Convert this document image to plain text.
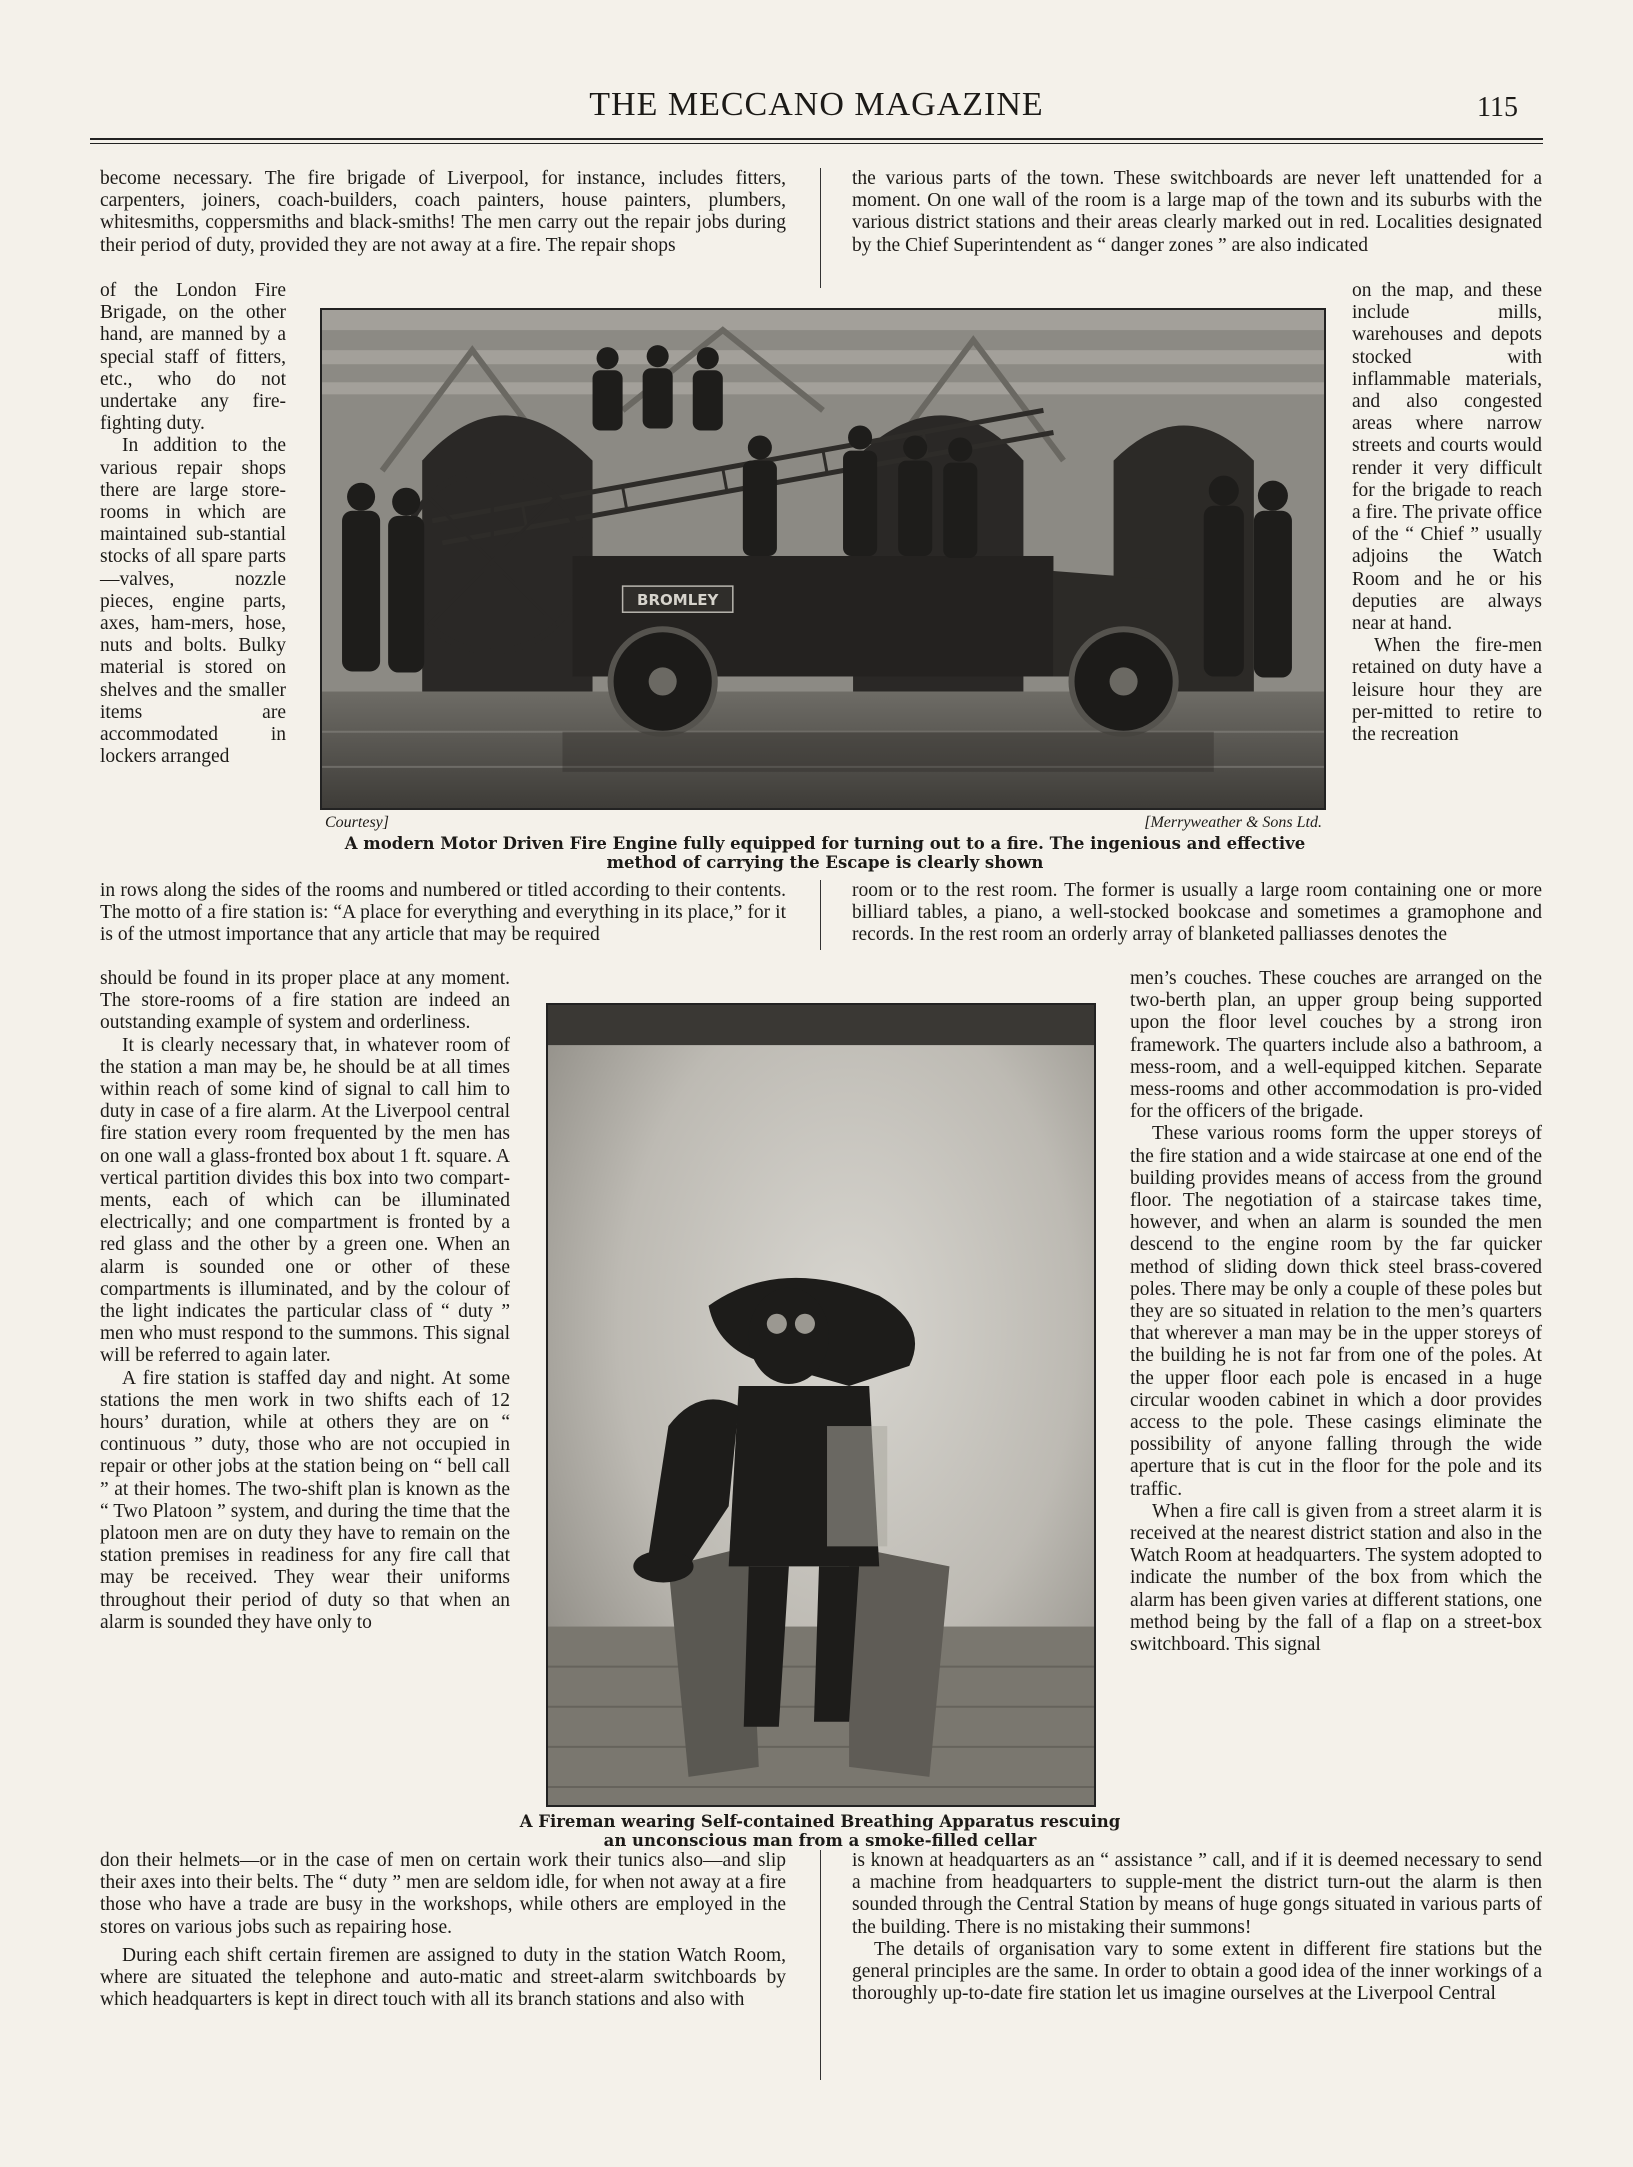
THE MECCANO MAGAZINE	115

become necessary. The fire brigade of Liverpool, for instance, includes fitters, carpenters, joiners, coach-builders, coach painters, house painters, plumbers, whitesmiths, coppersmiths and black-smiths! The men carry out the repair jobs during their period of duty, provided they are not away at a fire. The repair shops

the various parts of the town. These switchboards are never left unattended for a moment. On one wall of the room is a large map of the town and its suburbs with the various district stations and their areas clearly marked out in red. Localities designated by the Chief Superintendent as “ danger zones ” are also indicated

of the London Fire Brigade, on the other hand, are manned by a special staff of fitters, etc., who do not undertake any fire-fighting duty.

In addition to the various repair shops there are large store-rooms in which are maintained sub-stantial stocks of all spare parts—valves, nozzle pieces, engine parts, axes, ham-mers, hose, nuts and bolts. Bulky material is stored on shelves and the smaller items are accommodated in lockers arranged

on the map, and these include mills, warehouses and depots stocked with inflammable materials, and also congested areas where narrow streets and courts would render it very difficult for the brigade to reach a fire. The private office of the “ Chief ” usually adjoins the Watch Room and he or his deputies are always near at hand.

When the fire-men retained on duty have a leisure hour they are per-mitted to retire to the recreation

BROMLEY
Courtesy]	[Merryweather & Sons Ltd.
A modern Motor Driven Fire Engine fully equipped for turning out to a fire. The ingenious and effective method of carrying the Escape is clearly shown

in rows along the sides of the rooms and numbered or titled according to their contents. The motto of a fire station is: “A place for everything and everything in its place,” for it is of the utmost importance that any article that may be required

room or to the rest room. The former is usually a large room containing one or more billiard tables, a piano, a well-stocked bookcase and sometimes a gramophone and records. In the rest room an orderly array of blanketed palliasses denotes the

should be found in its proper place at any moment. The store-rooms of a fire station are indeed an outstanding example of system and orderliness.

It is clearly necessary that, in whatever room of the station a man may be, he should be at all times within reach of some kind of signal to call him to duty in case of a fire alarm. At the Liverpool central fire station every room frequented by the men has on one wall a glass-fronted box about 1 ft. square. A vertical partition divides this box into two compart-ments, each of which can be illuminated electrically; and one compartment is fronted by a red glass and the other by a green one. When an alarm is sounded one or other of these compartments is illuminated, and by the colour of the light indicates the particular class of “ duty ” men who must respond to the summons. This signal will be referred to again later.

A fire station is staffed day and night. At some stations the men work in two shifts each of 12 hours’ duration, while at others they are on “ continuous ” duty, those who are not occupied in repair or other jobs at the station being on “ bell call ” at their homes. The two-shift plan is known as the “ Two Platoon ” system, and during the time that the platoon men are on duty they have to remain on the station premises in readiness for any fire call that may be received. They wear their uniforms throughout their period of duty so that when an alarm is sounded they have only to

men’s couches. These couches are arranged on the two-berth plan, an upper group being supported upon the floor level couches by a strong iron framework. The quarters include also a bathroom, a mess-room, and a well-equipped kitchen. Separate mess-rooms and other accommodation is pro-vided for the officers of the brigade.

These various rooms form the upper storeys of the fire station and a wide staircase at one end of the building provides means of access from the ground floor. The negotiation of a staircase takes time, however, and when an alarm is sounded the men descend to the engine room by the far quicker method of sliding down thick steel brass-covered poles. There may be only a couple of these poles but they are so situated in relation to the men’s quarters that wherever a man may be in the upper storeys of the building he is not far from one of the poles. At the upper floor each pole is encased in a huge circular wooden cabinet in which a door provides access to the pole. These casings eliminate the possibility of anyone falling through the wide aperture that is cut in the floor for the pole and its traffic.

When a fire call is given from a street alarm it is received at the nearest district station and also in the Watch Room at headquarters. The system adopted to indicate the number of the box from which the alarm has been given varies at different stations, one method being by the fall of a flap on a street-box switchboard. This signal

A Fireman wearing Self-contained Breathing Apparatus rescuing an unconscious man from a smoke-filled cellar

don their helmets—or in the case of men on certain work their tunics also—and slip their axes into their belts. The “ duty ” men are seldom idle, for when not away at a fire those who have a trade are busy in the workshops, while others are employed in the stores on various jobs such as repairing hose.

During each shift certain firemen are assigned to duty in the station Watch Room, where are situated the telephone and auto-matic and street-alarm switchboards by which headquarters is kept in direct touch with all its branch stations and also with

is known at headquarters as an “ assistance ” call, and if it is deemed necessary to send a machine from headquarters to supple-ment the district turn-out the alarm is then sounded through the Central Station by means of huge gongs situated in various parts of the building. There is no mistaking their summons!

The details of organisation vary to some extent in different fire stations but the general principles are the same. In order to obtain a good idea of the inner workings of a thoroughly up-to-date fire station let us imagine ourselves at the Liverpool Central
